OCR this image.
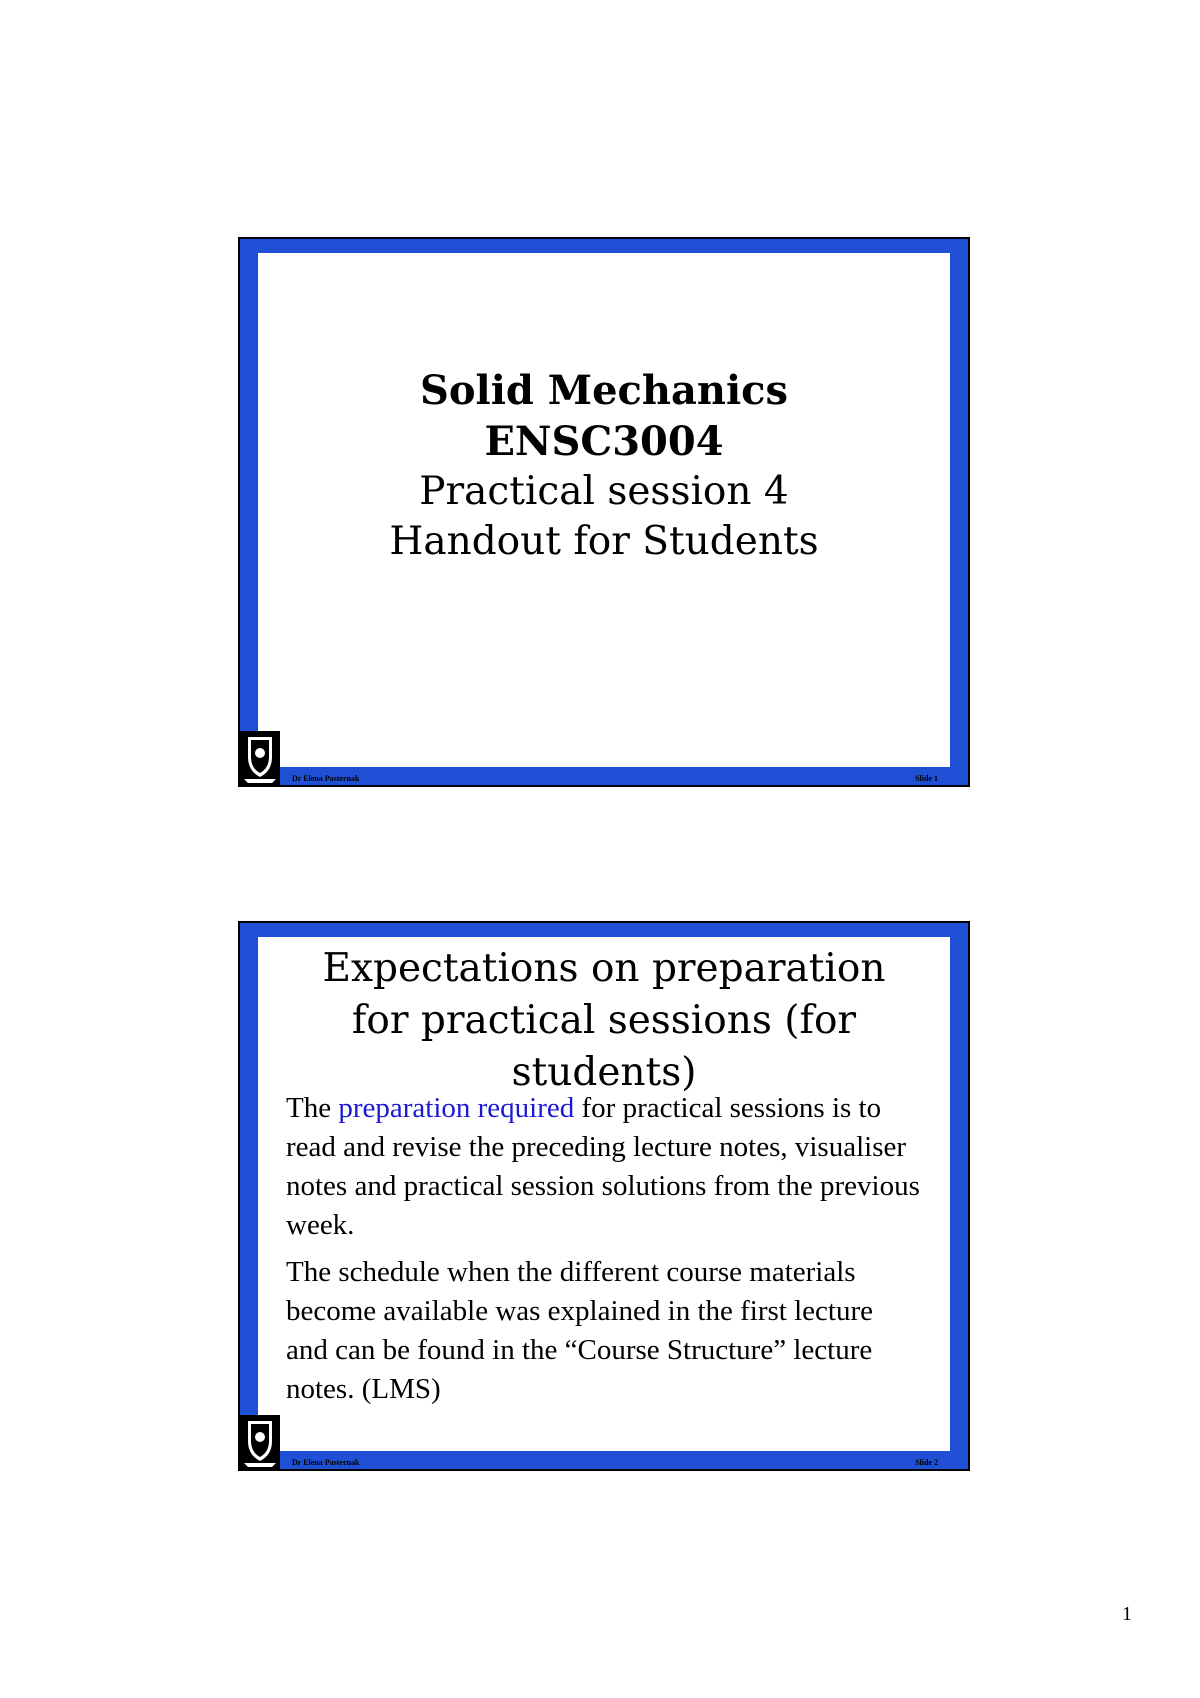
Solid Mechanics
ENSC3004
Practical session 4
Handout for Students
Dr Elena Pasternak	Slide 1
Expectations on preparation
for practical sessions (for
students)

The preparation required for practical sessions is to read and revise the preceding lecture notes, visualiser notes and practical session solutions from the previous week.

The schedule when the different course materials become available was explained in the first lecture and can be found in the “Course Structure” lecture notes. (LMS)

Dr Elena Pasternak	Slide 2
1
